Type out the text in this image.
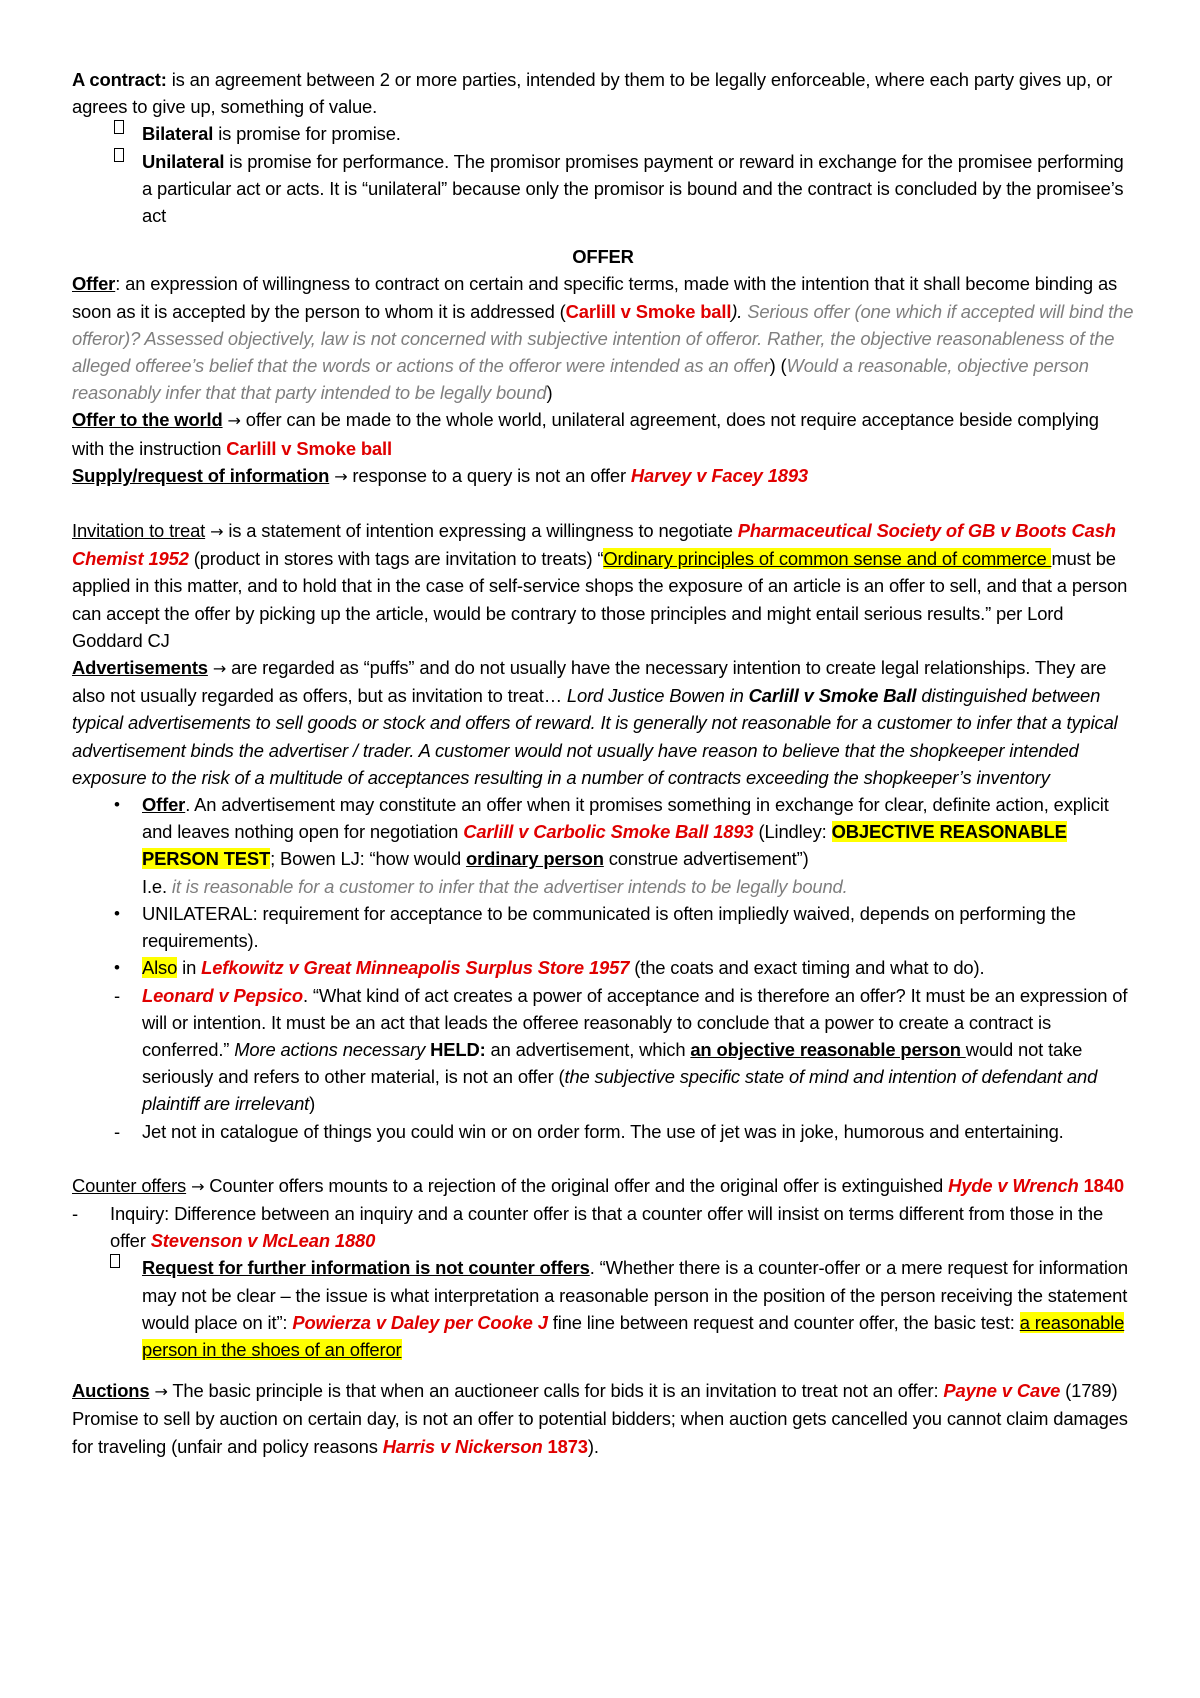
A contract: is an agreement between 2 or more parties, intended by them to be legally enforceable, where each party gives up, or agrees to give up, something of value.

Bilateral is promise for promise.
Unilateral is promise for performance. The promisor promises payment or reward in exchange for the promisee performing a particular act or acts. It is “unilateral” because only the promisor is bound and the contract is concluded by the promisee’s act

OFFER

Offer: an expression of willingness to contract on certain and specific terms, made with the intention that it shall become binding as soon as it is accepted by the person to whom it is addressed (Carlill v Smoke ball). Serious offer (one which if accepted will bind the offeror)? Assessed objectively, law is not concerned with subjective intention of offeror. Rather, the objective reasonableness of the alleged offeree’s belief that the words or actions of the offeror were intended as an offer) (Would a reasonable, objective person reasonably infer that that party intended to be legally bound)

Offer to the world → offer can be made to the whole world, unilateral agreement, does not require acceptance beside complying with the instruction Carlill v Smoke ball

Supply/request of information → response to a query is not an offer Harvey v Facey 1893

Invitation to treat → is a statement of intention expressing a willingness to negotiate Pharmaceutical Society of GB v Boots Cash Chemist 1952 (product in stores with tags are invitation to treats) “Ordinary principles of common sense and of commerce must be applied in this matter, and to hold that in the case of self-service shops the exposure of an article is an offer to sell, and that a person can accept the offer by picking up the article, would be contrary to those principles and might entail serious results.” per Lord Goddard CJ

Advertisements → are regarded as “puffs” and do not usually have the necessary intention to create legal relationships. They are also not usually regarded as offers, but as invitation to treat… Lord Justice Bowen in Carlill v Smoke Ball distinguished between typical advertisements to sell goods or stock and offers of reward. It is generally not reasonable for a customer to infer that a typical advertisement binds the advertiser / trader. A customer would not usually have reason to believe that the shopkeeper intended exposure to the risk of a multitude of acceptances resulting in a number of contracts exceeding the shopkeeper’s inventory

• Offer. An advertisement may constitute an offer when it promises something in exchange for clear, definite action, explicit and leaves nothing open for negotiation Carlill v Carbolic Smoke Ball 1893 (Lindley: OBJECTIVE REASONABLE PERSON TEST; Bowen LJ: “how would ordinary person construe advertisement”)
I.e. it is reasonable for a customer to infer that the advertiser intends to be legally bound.
• UNILATERAL: requirement for acceptance to be communicated is often impliedly waived, depends on performing the requirements).
• Also in Lefkowitz v Great Minneapolis Surplus Store 1957 (the coats and exact timing and what to do).
- Leonard v Pepsico. “What kind of act creates a power of acceptance and is therefore an offer? It must be an expression of will or intention. It must be an act that leads the offeree reasonably to conclude that a power to create a contract is conferred.” More actions necessary HELD: an advertisement, which an objective reasonable person would not take seriously and refers to other material, is not an offer (the subjective specific state of mind and intention of defendant and plaintiff are irrelevant)
- Jet not in catalogue of things you could win or on order form. The use of jet was in joke, humorous and entertaining.

Counter offers → Counter offers mounts to a rejection of the original offer and the original offer is extinguished Hyde v Wrench 1840

- Inquiry: Difference between an inquiry and a counter offer is that a counter offer will insist on terms different from those in the offer Stevenson v McLean 1880
Request for further information is not counter offers. “Whether there is a counter-offer or a mere request for information may not be clear – the issue is what interpretation a reasonable person in the position of the person receiving the statement would place on it”: Powierza v Daley per Cooke J fine line between request and counter offer, the basic test: a reasonable person in the shoes of an offeror

Auctions → The basic principle is that when an auctioneer calls for bids it is an invitation to treat not an offer: Payne v Cave (1789) Promise to sell by auction on certain day, is not an offer to potential bidders; when auction gets cancelled you cannot claim damages for traveling (unfair and policy reasons Harris v Nickerson 1873).
